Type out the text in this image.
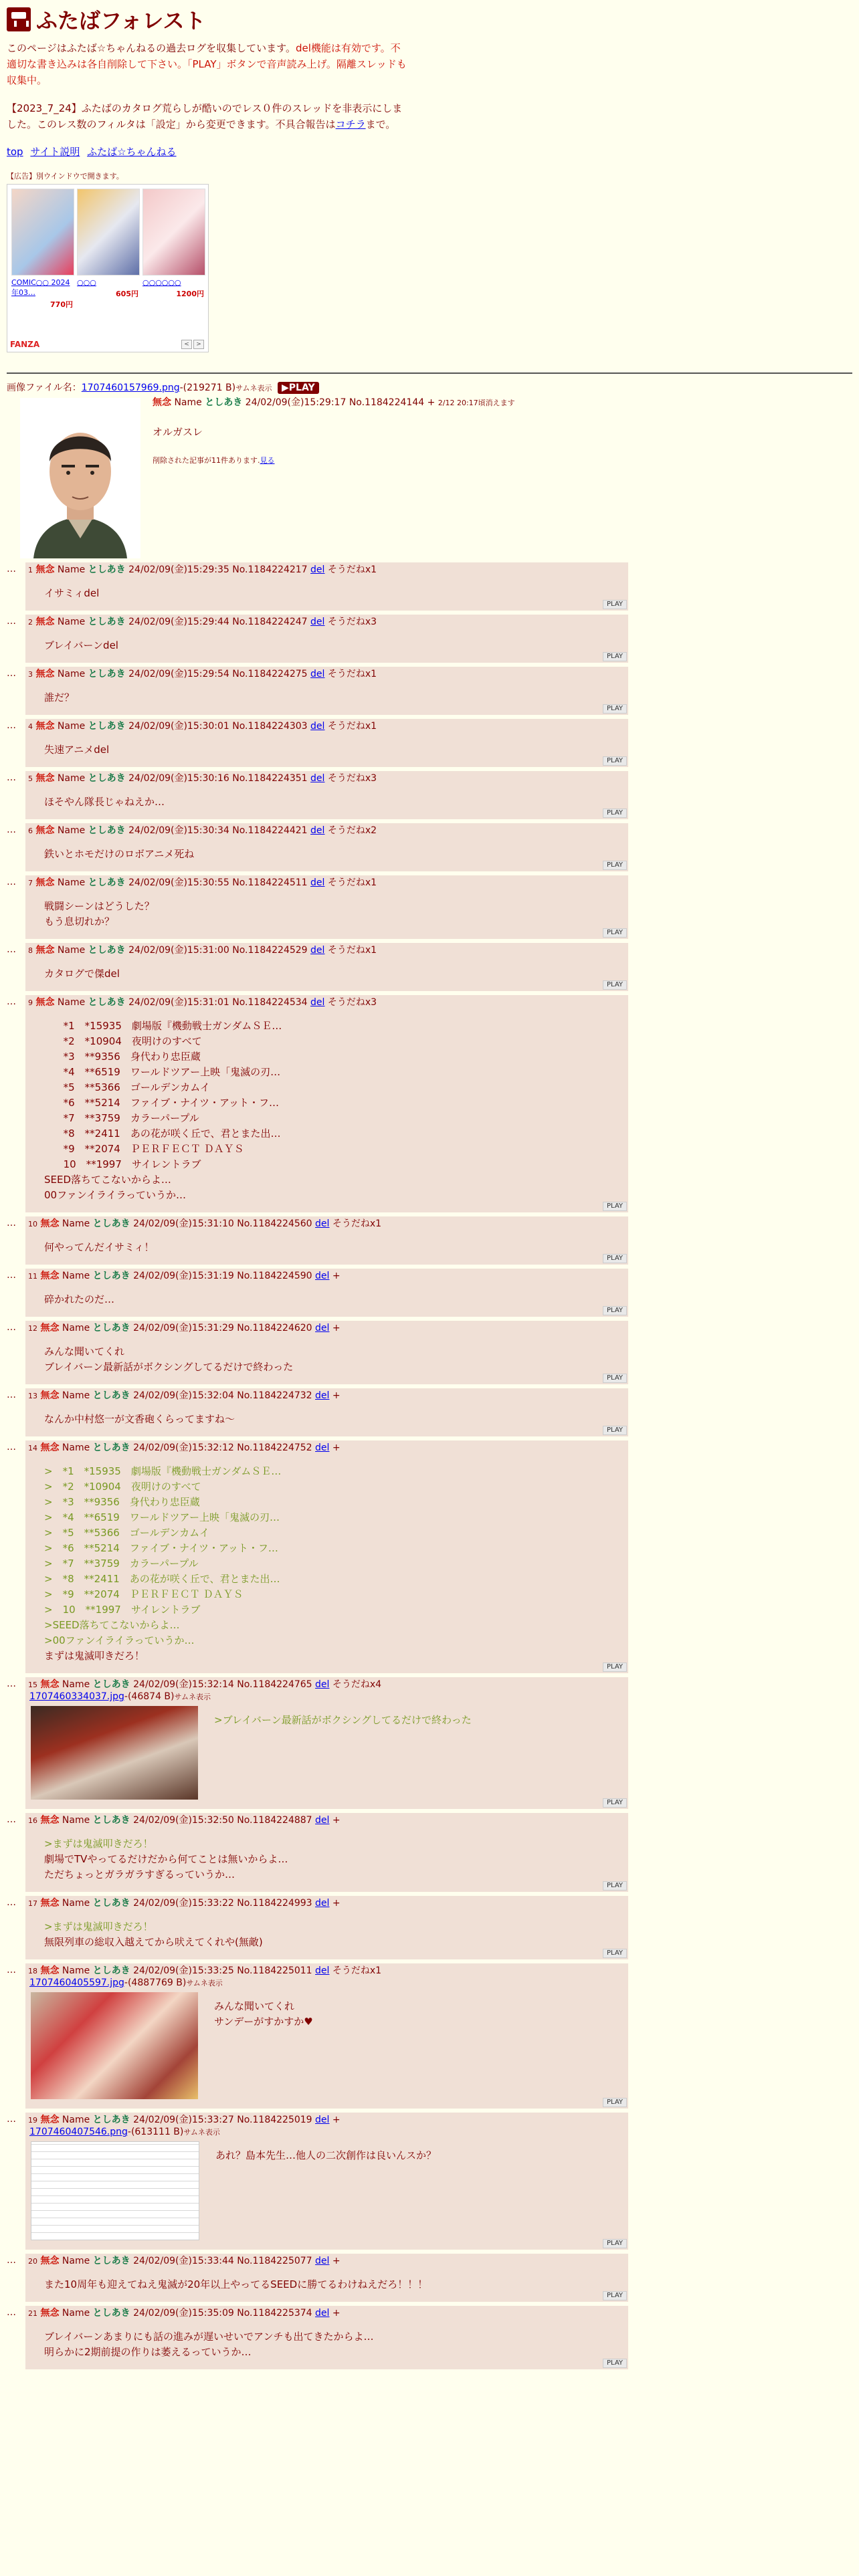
ふたばフォレスト

このページはふたば☆ちゃんねるの過去ログを収集しています。del機能は有効です。不適切な書き込みは各自削除して下さい。「PLAY」ボタンで音声読み上げ。隔離スレッドも収集中。

【2023_7_24】ふたばのカタログ荒らしが酷いのでレス０件のスレッドを非表示にしました。このレス数のフィルタは「設定」から変更できます。不具合報告はコチラまで。

top サイト説明 ふたば☆ちゃんねる
【広告】別ウインドウで開きます。
COMIC○○ 2024年03…
770円
○○○
605円
○○○○○○
1200円
FANZA	<	>
画像ファイル名：1707460157969.png-(219271 B)サムネ表示 ▶PLAY
無念 Name としあき 24/02/09(金)15:29:17 No.1184224144 + 2/12 20:17頃消えます
オルガスレ
削除された記事が11件あります.見る
…	1 無念 Name としあき 24/02/09(金)15:29:35 No.1184224217 del そうだねx1
イサミィdel
PLAY
…	2 無念 Name としあき 24/02/09(金)15:29:44 No.1184224247 del そうだねx3
ブレイバーンdel
PLAY
…	3 無念 Name としあき 24/02/09(金)15:29:54 No.1184224275 del そうだねx1
誰だ？
PLAY
…	4 無念 Name としあき 24/02/09(金)15:30:01 No.1184224303 del そうだねx1
失速アニメdel
PLAY
…	5 無念 Name としあき 24/02/09(金)15:30:16 No.1184224351 del そうだねx3
ほそやん隊長じゃねえか…
PLAY
…	6 無念 Name としあき 24/02/09(金)15:30:34 No.1184224421 del そうだねx2
鉄いとホモだけのロボアニメ死ね
PLAY
…	7 無念 Name としあき 24/02/09(金)15:30:55 No.1184224511 del そうだねx1
戦闘シーンはどうした？
もう息切れか？
PLAY
…	8 無念 Name としあき 24/02/09(金)15:31:00 No.1184224529 del そうだねx1
カタログで傑del
PLAY
…	9 無念 Name としあき 24/02/09(金)15:31:01 No.1184224534 del そうだねx3
*1　*15935　劇場版『機動戦士ガンダムＳＥ…
*2　*10904　夜明けのすべて
*3　**9356　身代わり忠臣蔵
*4　**6519　ワールドツアー上映「鬼滅の刃…
*5　**5366　ゴールデンカムイ
*6　**5214　ファイブ・ナイツ・アット・フ…
*7　**3759　カラーパープル
*8　**2411　あの花が咲く丘で、君とまた出…
*9　**2074　ＰＥＲＦＥＣＴ ＤＡＹＳ
10　**1997　サイレントラブ
SEED落ちてこないからよ…
00ファンイライラっていうか…
PLAY
…	10 無念 Name としあき 24/02/09(金)15:31:10 No.1184224560 del そうだねx1
何やってんだイサミィ！
PLAY
…	11 無念 Name としあき 24/02/09(金)15:31:19 No.1184224590 del +
碎かれたのだ…
PLAY
…	12 無念 Name としあき 24/02/09(金)15:31:29 No.1184224620 del +
みんな聞いてくれ
ブレイバーン最新話がボクシングしてるだけで終わった
PLAY
…	13 無念 Name としあき 24/02/09(金)15:32:04 No.1184224732 del +
なんか中村悠一が文香砲くらってますね〜
PLAY
…	14 無念 Name としあき 24/02/09(金)15:32:12 No.1184224752 del +
>　*1　*15935　劇場版『機動戦士ガンダムＳＥ…
>　*2　*10904　夜明けのすべて
>　*3　**9356　身代わり忠臣蔵
>　*4　**6519　ワールドツアー上映「鬼滅の刃…
>　*5　**5366　ゴールデンカムイ
>　*6　**5214　ファイブ・ナイツ・アット・フ…
>　*7　**3759　カラーパープル
>　*8　**2411　あの花が咲く丘で、君とまた出…
>　*9　**2074　ＰＥＲＦＥＣＴ ＤＡＹＳ
>　10　**1997　サイレントラブ
>SEED落ちてこないからよ…
>00ファンイライラっていうか…
まずは鬼滅叩きだろ！
PLAY
…	15 無念 Name としあき 24/02/09(金)15:32:14 No.1184224765 del そうだねx4
1707460334037.jpg-(46874 B)サムネ表示
>ブレイバーン最新話がボクシングしてるだけで終わった
PLAY
…	16 無念 Name としあき 24/02/09(金)15:32:50 No.1184224887 del +
>まずは鬼滅叩きだろ！
劇場でTVやってるだけだから何てことは無いからよ…
ただちょっとガラガラすぎるっていうか…
PLAY
…	17 無念 Name としあき 24/02/09(金)15:33:22 No.1184224993 del +
>まずは鬼滅叩きだろ！
無限列車の総収入越えてから吠えてくれや(無敵)
PLAY
…	18 無念 Name としあき 24/02/09(金)15:33:25 No.1184225011 del そうだねx1
1707460405597.jpg-(4887769 B)サムネ表示
みんな聞いてくれ
サンデーがすかすか♥
PLAY
…	19 無念 Name としあき 24/02/09(金)15:33:27 No.1184225019 del +
1707460407546.png-(613111 B)サムネ表示
あれ？島本先生…他人の二次創作は良いんスか？
PLAY
…	20 無念 Name としあき 24/02/09(金)15:33:44 No.1184225077 del +
また10周年も迎えてねえ鬼滅が20年以上やってるSEEDに勝てるわけねえだろ！！！
PLAY
…	21 無念 Name としあき 24/02/09(金)15:35:09 No.1184225374 del +
ブレイバーンあまりにも話の進みが遅いせいでアンチも出てきたからよ…
明らかに2期前提の作りは萎えるっていうか…
PLAY
